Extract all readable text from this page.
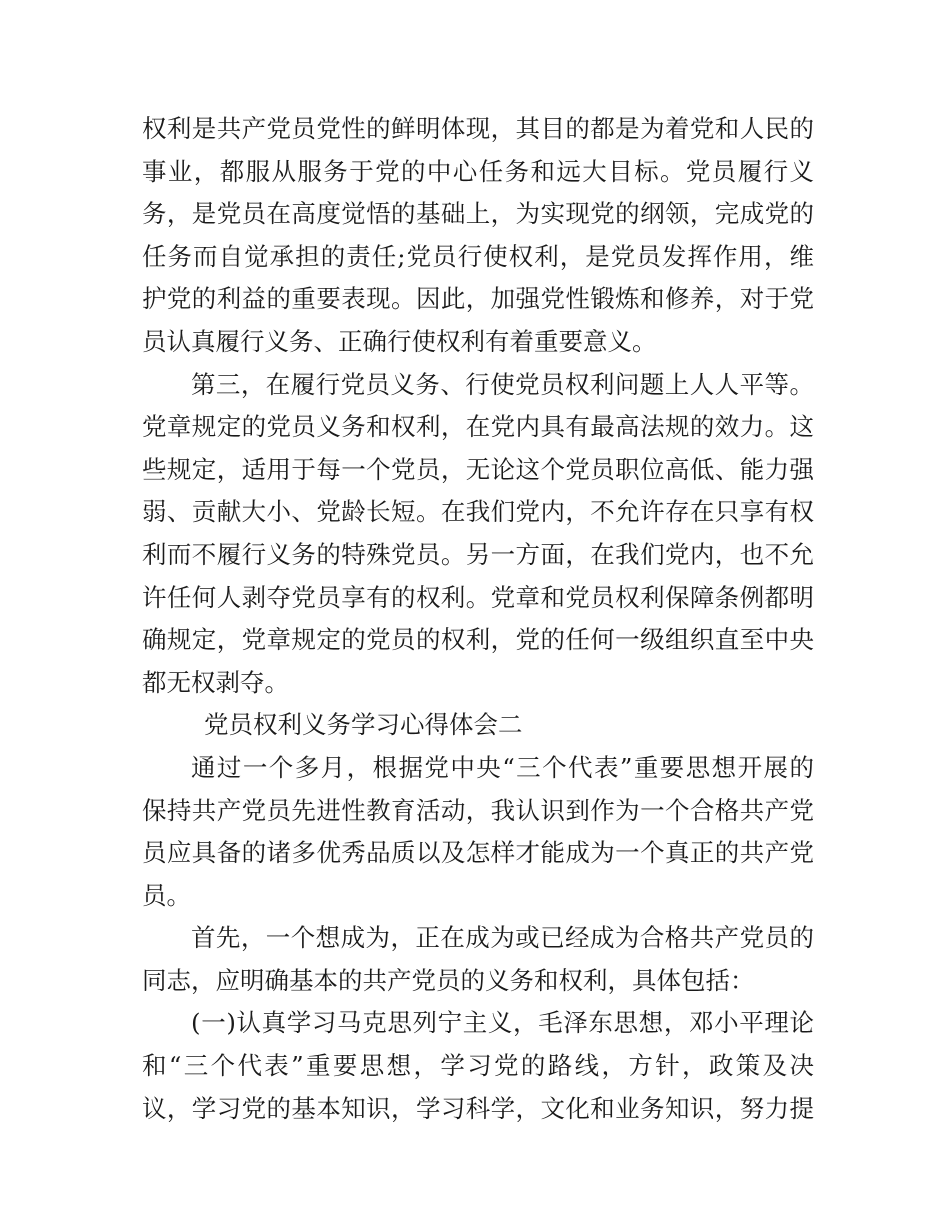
权利是共产党员党性的鲜明体现，其目的都是为着党和人民的
事业，都服从服务于党的中心任务和远大目标。党员履行义
务，是党员在高度觉悟的基础上，为实现党的纲领，完成党的
任务而自觉承担的责任;党员行使权利，是党员发挥作用，维
护党的利益的重要表现。因此，加强党性锻炼和修养，对于党
员认真履行义务、正确行使权利有着重要意义。
第三，在履行党员义务、行使党员权利问题上人人平等。
党章规定的党员义务和权利，在党内具有最高法规的效力。这
些规定，适用于每一个党员，无论这个党员职位高低、能力强
弱、贡献大小、党龄长短。在我们党内，不允许存在只享有权
利而不履行义务的特殊党员。另一方面，在我们党内，也不允
许任何人剥夺党员享有的权利。党章和党员权利保障条例都明
确规定，党章规定的党员的权利，党的任何一级组织直至中央
都无权剥夺。
党员权利义务学习心得体会二
通过一个多月，根据党中央“三个代表”重要思想开展的
保持共产党员先进性教育活动，我认识到作为一个合格共产党
员应具备的诸多优秀品质以及怎样才能成为一个真正的共产党
员。
首先，一个想成为，正在成为或已经成为合格共产党员的
同志，应明确基本的共产党员的义务和权利，具体包括：
(一)认真学习马克思列宁主义，毛泽东思想，邓小平理论
和“三个代表”重要思想，学习党的路线，方针，政策及决
议，学习党的基本知识，学习科学，文化和业务知识，努力提
